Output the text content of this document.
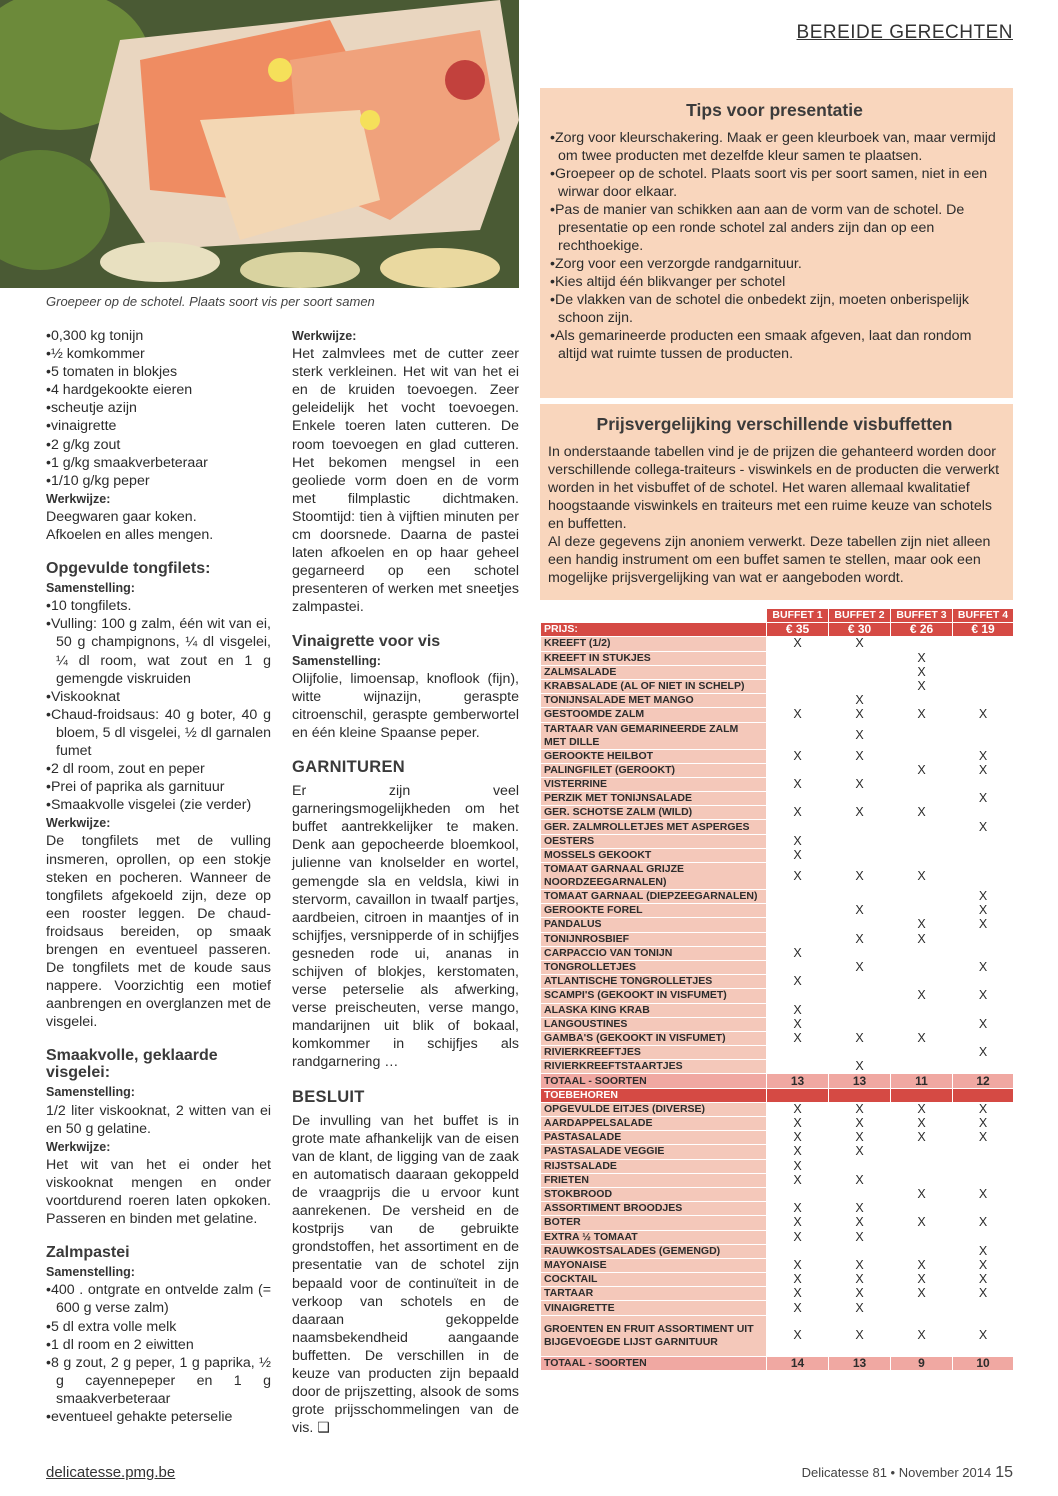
Groepeer op de schotel. Plaats soort vis per soort samen
BEREIDE GERECHTEN

•0,300 kg tonijn

•½ komkommer

•5 tomaten in blokjes

•4 hardgekookte eieren

•scheutje azijn

•vinaigrette

•2 g/kg zout

•1 g/kg smaakverbeteraar

•1/10 g/kg peper

Werkwijze:

Deegwaren gaar koken.

Afkoelen en alles mengen.

Opgevulde tongfilets:

Samenstelling:

•10 tongfilets.

•Vulling: 100 g zalm, één wit van ei, 50 g champignons, ¼ dl visgelei, ¼ dl room, wat zout en 1 g gemengde viskruiden

•Viskooknat

•Chaud-froidsaus: 40 g boter, 40 g bloem, 5 dl visgelei, ½ dl garnalen fumet

•2 dl room, zout en peper

•Prei of paprika als garnituur

•Smaakvolle visgelei (zie verder)

Werkwijze:

De tongfilets met de vulling insmeren, oprollen, op een stokje steken en pocheren. Wanneer de tongfilets afgekoeld zijn, deze op een rooster leggen. De chaud-froidsaus bereiden, op smaak brengen en eventueel passeren. De tongfilets met de koude saus nappere. Voorzichtig een motief aanbrengen en overglanzen met de visgelei.

Smaakvolle, geklaarde visgelei:

Samenstelling:

1/2 liter viskooknat, 2 witten van ei en 50 g gelatine.

Werkwijze:

Het wit van het ei onder het viskooknat mengen en onder voortdurend roeren laten opkoken. Passeren en binden met gelatine.

Zalmpastei

Samenstelling:

•400 . ontgrate en ontvelde zalm (= 600 g verse zalm)

•5 dl extra volle melk

•1 dl room en 2 eiwitten

•8 g zout, 2 g peper, 1 g paprika, ½ g cayennepeper en 1 g smaakverbeteraar

•eventueel gehakte peterselie

Werkwijze:

Het zalmvlees met de cutter zeer sterk verkleinen. Het wit van het ei en de kruiden toevoegen. Zeer geleidelijk het vocht toevoegen. Enkele toeren laten cutteren. De room toevoegen en glad cutteren. Het bekomen mengsel in een geoliede vorm doen en de vorm met filmplastic dichtmaken. Stoomtijd: tien à vijftien minuten per cm doorsnede. Daarna de pastei laten afkoelen en op haar geheel gegarneerd op een schotel presenteren of werken met sneetjes zalmpastei.

Vinaigrette voor vis

Samenstelling:

Olijfolie, limoensap, knoflook (fijn), witte wijnazijn, geraspte citroenschil, geraspte gemberwortel en één kleine Spaanse peper.

GARNITUREN

Er zijn veel garneringsmogelijkheden om het buffet aantrekkelijker te maken. Denk aan gepocheerde bloemkool, julienne van knolselder en wortel, gemengde sla en veldsla, kiwi in stervorm, cavaillon in twaalf partjes, aardbeien, citroen in maantjes of in schijfjes, versnipperde of in schijfjes gesneden rode ui, ananas in schijven of blokjes, kerstomaten, verse peterselie als afwerking, verse preischeuten, verse mango, mandarijnen uit blik of bokaal, komkommer in schijfjes als randgarnering …

BESLUIT

De invulling van het buffet is in grote mate afhankelijk van de eisen van de klant, de ligging van de zaak en automatisch daaraan gekoppeld de vraagprijs die u ervoor kunt aanrekenen. De versheid en de kostprijs van de gebruikte grondstoffen, het assortiment en de presentatie van de schotel zijn bepaald voor de continuïteit in de verkoop van schotels en de daaraan gekoppelde naamsbekendheid aangaande buffetten. De verschillen in de keuze van producten zijn bepaald door de prijszetting, alsook de soms grote prijsschommelingen van de vis. ❑

Tips voor presentatie

•Zorg voor kleurschakering. Maak er geen kleurboek van, maar vermijd om twee producten met dezelfde kleur samen te plaatsen.

•Groepeer op de schotel. Plaats soort vis per soort samen, niet in een wirwar door elkaar.

•Pas de manier van schikken aan aan de vorm van de schotel. De presentatie op een ronde schotel zal anders zijn dan op een rechthoekige.

•Zorg voor een verzorgde randgarnituur.

•Kies altijd één blikvanger per schotel

•De vlakken van de schotel die onbedekt zijn, moeten onberispelijk schoon zijn.

•Als gemarineerde producten een smaak afgeven, laat dan rondom altijd wat ruimte tussen de producten.

Prijsvergelijking verschillende visbuffetten

In onderstaande tabellen vind je de prijzen die gehanteerd worden door verschillende collega-traiteurs - viswinkels en de producten die verwerkt worden in het visbuffet of de schotel. Het waren allemaal kwalitatief hoogstaande viswinkels en traiteurs met een ruime keuze van schotels en buffetten.

Al deze gegevens zijn anoniem verwerkt. Deze tabellen zijn niet alleen een handig instrument om een buffet samen te stellen, maar ook een mogelijke prijsvergelijking van wat er aangeboden wordt.

	BUFFET 1	BUFFET 2	BUFFET 3	BUFFET 4
PRIJS:	€ 35	€ 30	€ 26	€ 19
KREEFT (1/2)	X	X		
KREEFT IN STUKJES			X	
ZALMSALADE			X	
KRABSALADE (AL OF NIET IN SCHELP)			X	
TONIJNSALADE MET MANGO		X		
GESTOOMDE ZALM	X	X	X	X
TARTAAR VAN GEMARINEERDE ZALM MET DILLE		X		
GEROOKTE HEILBOT	X	X		X
PALINGFILET (GEROOKT)			X	X
VISTERRINE	X	X		
PERZIK MET TONIJNSALADE				X
GER. SCHOTSE ZALM (WILD)	X	X	X	
GER. ZALMROLLETJES MET ASPERGES				X
OESTERS	X			
MOSSELS GEKOOKT	X			
TOMAAT GARNAAL GRIJZE NOORDZEEGARNALEN)	X	X	X	
TOMAAT GARNAAL (DIEPZEEGARNALEN)				X
GEROOKTE FOREL		X		X
PANDALUS			X	X
TONIJNROSBIEF		X	X	
CARPACCIO VAN TONIJN	X			
TONGROLLETJES		X		X
ATLANTISCHE TONGROLLETJES	X			
SCAMPI'S (GEKOOKT IN VISFUMET)			X	X
ALASKA KING KRAB	X			
LANGOUSTINES	X			X
GAMBA'S (GEKOOKT IN VISFUMET)	X	X	X	
RIVIERKREEFTJES				X
RIVIERKREEFTSTAARTJES		X		
TOTAAL - SOORTEN	13	13	11	12
TOEBEHOREN				
OPGEVULDE EITJES (DIVERSE)	X	X	X	X
AARDAPPELSALADE	X	X	X	X
PASTASALADE	X	X	X	X
PASTASALADE VEGGIE	X	X		
RIJSTSALADE	X			
FRIETEN	X	X		
STOKBROOD			X	X
ASSORTIMENT BROODJES	X	X		
BOTER	X	X	X	X
EXTRA ½ TOMAAT	X	X		
RAUWKOSTSALADES (GEMENGD)				X
MAYONAISE	X	X	X	X
COCKTAIL	X	X	X	X
TARTAAR	X	X	X	X
VINAIGRETTE	X	X		
GROENTEN EN FRUIT ASSORTIMENT UIT BIJGEVOEGDE LIJST GARNITUUR	X	X	X	X
TOTAAL - SOORTEN	14	13	9	10
delicatesse.pmg.be	Delicatesse 81 • November 2014 15
